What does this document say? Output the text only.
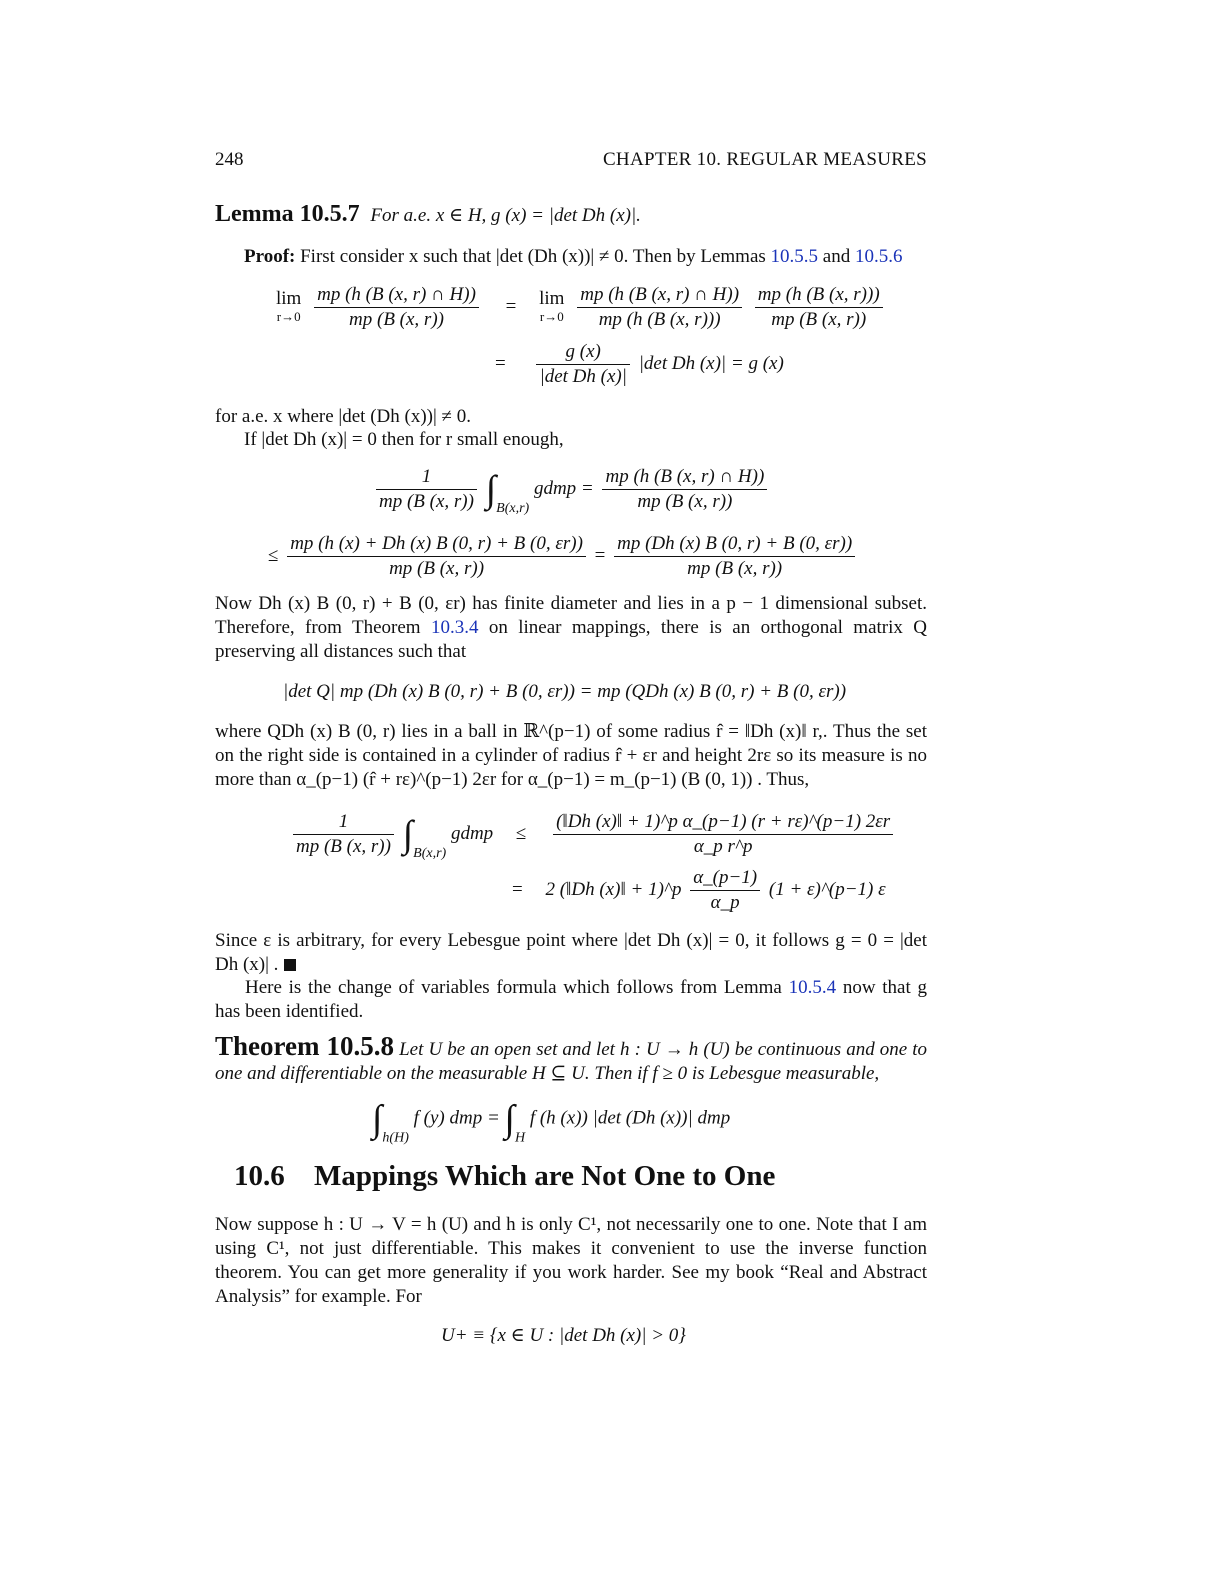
248	CHAPTER 10. REGULAR MEASURES
Lemma 10.5.7 For a.e. x ∈ H, g (x) = |det Dh (x)|.
Proof: First consider x such that |det (Dh (x))| ≠ 0. Then by Lemmas 10.5.5 and 10.5.6
lim
r→0
$\frac{mp (h (B (x, r) \cap H))}{mp (B (x, r))} = \lim$
r→0
$\frac{mp (h (B (x, r) \cap H))}{mp (h (B (x, r)))}$
$\frac{mp (h (B (x, r)))}{mp (B (x, r))}$
= $\frac{g (x)}{\text{|det Dh (x)|}} |\det$ Dh (x)| = g (x)
for a.e. x where |det (Dh (x))| ≠ 0.
If |det Dh (x)| = 0 then for r small enough,
$\frac{1}{mp (B (x, r))} \int_{B(x,r)}$ gdmp = $\frac{mp (h (B (x, r) \cap H))}{mp (B (x, r))}$
≤ $\frac{mp (h (x) + Dh (x) B (0, r) + B (0, \varepsilon r))}{mp (B (x, r))} = \frac{mp (Dh (x) B (0, r) + B (0, \varepsilon r))}{mp (B (x, r))}$

Now Dh (x) B (0, r) + B (0, εr) has finite diameter and lies in a p − 1 dimensional subset. Therefore, from Theorem 10.3.4 on linear mappings, there is an orthogonal matrix Q preserving all distances such that

|det Q| mp (Dh (x) B (0, r) + B (0, εr)) = mp (QDh (x) B (0, r) + B (0, εr))
where QDh (x) B (0, r) lies in a ball in ℝ^(p−1) of some radius r̂ = ‖Dh (x)‖ r,. Thus the set on the right side is contained in a cylinder of radius r̂ + εr and height 2rε so its measure is no more than α_(p−1) (r̂ + rε)^(p−1) 2εr for α_(p−1) = m_(p−1) (B (0, 1)) . Thus,
$\frac{1}{mp (B (x, r))} \int_{B(x,r)}$ gdmp ≤ $\frac{\text{(‖Dh (x)‖ + 1)\textasciicircum{}p α\_(p−1) (r + rε)\textasciicircum{}(p−1) 2εr}}{\text{α\_p r\textasciicircum{}p}}$
= 2 (‖Dh (x)‖ + 1)^p $\frac{\alpha\_(p-1)}{\alpha\_p} (1$ + ε)^(p−1) ε

Since ε is arbitrary, for every Lebesgue point where |det Dh (x)| = 0, it follows g = 0 = |det Dh (x)| .

Here is the change of variables formula which follows from Lemma 10.5.4 now that g has been identified.

Theorem 10.5.8 Let U be an open set and let h : U → h (U) be continuous and one to one and differentiable on the measurable H ⊆ U. Then if f ≥ 0 is Lebesgue measurable,

$\int_{h(H)}$ f (y) dmp = $\int_H$ f (h (x)) |det (Dh (x))| dmp
10.6 Mappings Which are Not One to One
Now suppose h : U → V = h (U) and h is only C¹, not necessarily one to one. Note that I am using C¹, not just differentiable. This makes it convenient to use the inverse function theorem. You can get more generality if you work harder. See my book “Real and Abstract Analysis” for example. For
U+ ≡ {x ∈ U : |det Dh (x)| > 0}
